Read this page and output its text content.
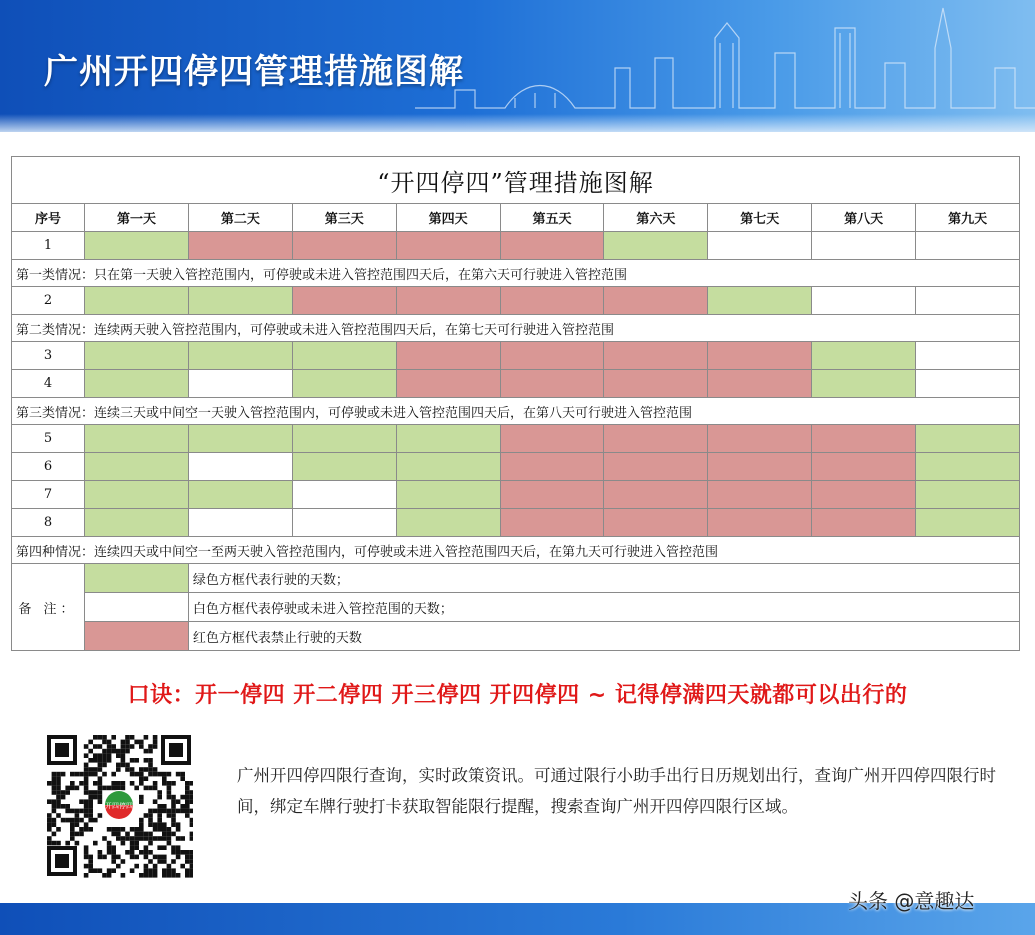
广州开四停四管理措施图解
“开四停四”管理措施图解									
序号	第一天	第二天	第三天	第四天	第五天	第六天	第七天	第八天	第九天
1									
第一类情况：只在第一天驶入管控范围内，可停驶或未进入管控范围四天后，在第六天可行驶进入管控范围									
2									
第二类情况：连续两天驶入管控范围内，可停驶或未进入管控范围四天后，在第七天可行驶进入管控范围									
3									
4									
第三类情况：连续三天或中间空一天驶入管控范围内，可停驶或未进入管控范围四天后，在第八天可行驶进入管控范围									
5									
6									
7									
8									
第四种情况：连续四天或中间空一至两天驶入管控范围内，可停驶或未进入管控范围四天后，在第九天可行驶进入管控范围									
备 注：		绿色方框代表行驶的天数；							
		白色方框代表停驶或未进入管控范围的天数；							
		红色方框代表禁止行驶的天数							
口诀：开一停四 开二停四 开三停四 开四停四 ~ 记得停满四天就都可以出行的
开四停四
广州开四停四限行查询，实时政策资讯。可通过限行小助手出行日历规划出行，查询广州开四停四限行时间，绑定车牌行驶打卡获取智能限行提醒，搜索查询广州开四停四限行区域。
头条 @意趣达
